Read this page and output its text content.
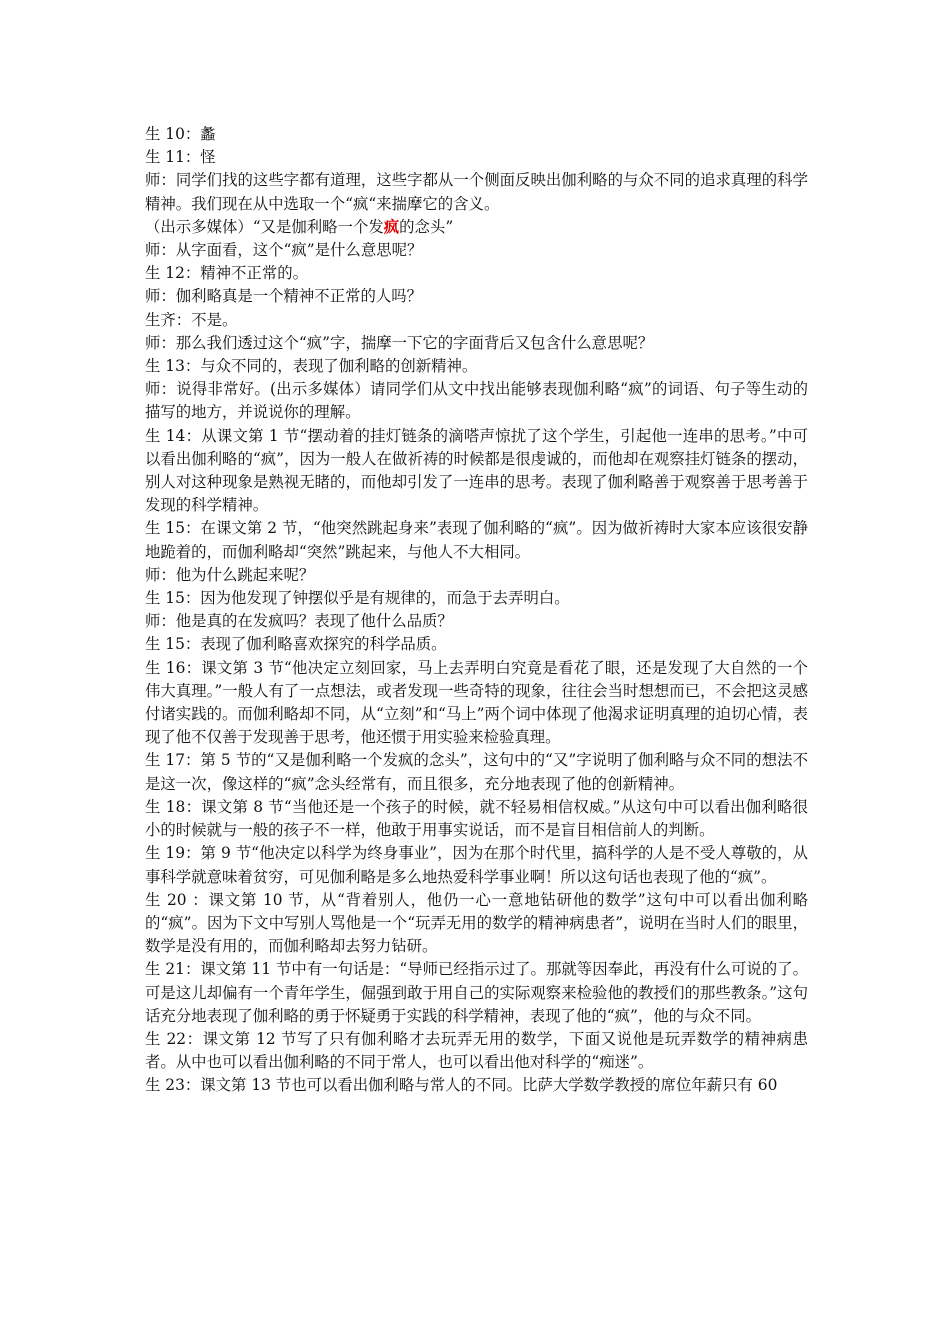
生 10：蠡

生 11：怪

师：同学们找的这些字都有道理，这些字都从一个侧面反映出伽利略的与众不同的追求真理的科学精神。我们现在从中选取一个“疯“来揣摩它的含义。

（出示多媒体）“又是伽利略一个发疯的念头”

师：从字面看，这个“疯”是什么意思呢？

生 12：精神不正常的。

师：伽利略真是一个精神不正常的人吗？

生齐：不是。

师：那么我们透过这个“疯”字，揣摩一下它的字面背后又包含什么意思呢？

生 13：与众不同的，表现了伽利略的创新精神。

师：说得非常好。(出示多媒体）请同学们从文中找出能够表现伽利略“疯”的词语、句子等生动的描写的地方，并说说你的理解。

生 14：从课文第 1 节“摆动着的挂灯链条的滴嗒声惊扰了这个学生，引起他一连串的思考。”中可以看出伽利略的“疯”，因为一般人在做祈祷的时候都是很虔诚的，而他却在观察挂灯链条的摆动，别人对这种现象是熟视无睹的，而他却引发了一连串的思考。表现了伽利略善于观察善于思考善于发现的科学精神。

生 15：在课文第 2 节，“他突然跳起身来”表现了伽利略的“疯”。因为做祈祷时大家本应该很安静地跪着的，而伽利略却“突然”跳起来，与他人不大相同。

师：他为什么跳起来呢？

生 15：因为他发现了钟摆似乎是有规律的，而急于去弄明白。

师：他是真的在发疯吗？表现了他什么品质？

生 15：表现了伽利略喜欢探究的科学品质。

生 16：课文第 3 节“他决定立刻回家，马上去弄明白究竟是看花了眼，还是发现了大自然的一个伟大真理。”一般人有了一点想法，或者发现一些奇特的现象，往往会当时想想而已，不会把这灵感付诸实践的。而伽利略却不同，从“立刻”和“马上”两个词中体现了他渴求证明真理的迫切心情，表现了他不仅善于发现善于思考，他还惯于用实验来检验真理。

生 17：第 5 节的“又是伽利略一个发疯的念头”，这句中的“又”字说明了伽利略与众不同的想法不是这一次，像这样的“疯”念头经常有，而且很多，充分地表现了他的创新精神。

生 18：课文第 8 节“当他还是一个孩子的时候，就不轻易相信权威。”从这句中可以看出伽利略很小的时候就与一般的孩子不一样，他敢于用事实说话，而不是盲目相信前人的判断。

生 19：第 9 节“他决定以科学为终身事业”，因为在那个时代里，搞科学的人是不受人尊敬的，从事科学就意味着贫穷，可见伽利略是多么地热爱科学事业啊！所以这句话也表现了他的“疯”。

生 20 ：课文第 10 节，从“背着别人，他仍一心一意地钻研他的数学”这句中可以看出伽利略的“疯”。因为下文中写别人骂他是一个“玩弄无用的数学的精神病患者”，说明在当时人们的眼里，数学是没有用的，而伽利略却去努力钻研。

生 21：课文第 11 节中有一句话是：“导师已经指示过了。那就等因奉此，再没有什么可说的了。可是这儿却偏有一个青年学生，倔强到敢于用自己的实际观察来检验他的教授们的那些教条。”这句话充分地表现了伽利略的勇于怀疑勇于实践的科学精神，表现了他的“疯”，他的与众不同。

生 22：课文第 12 节写了只有伽利略才去玩弄无用的数学，下面又说他是玩弄数学的精神病患者。从中也可以看出伽利略的不同于常人，也可以看出他对科学的“痴迷”。

生 23：课文第 13 节也可以看出伽利略与常人的不同。比萨大学数学教授的席位年薪只有 60
